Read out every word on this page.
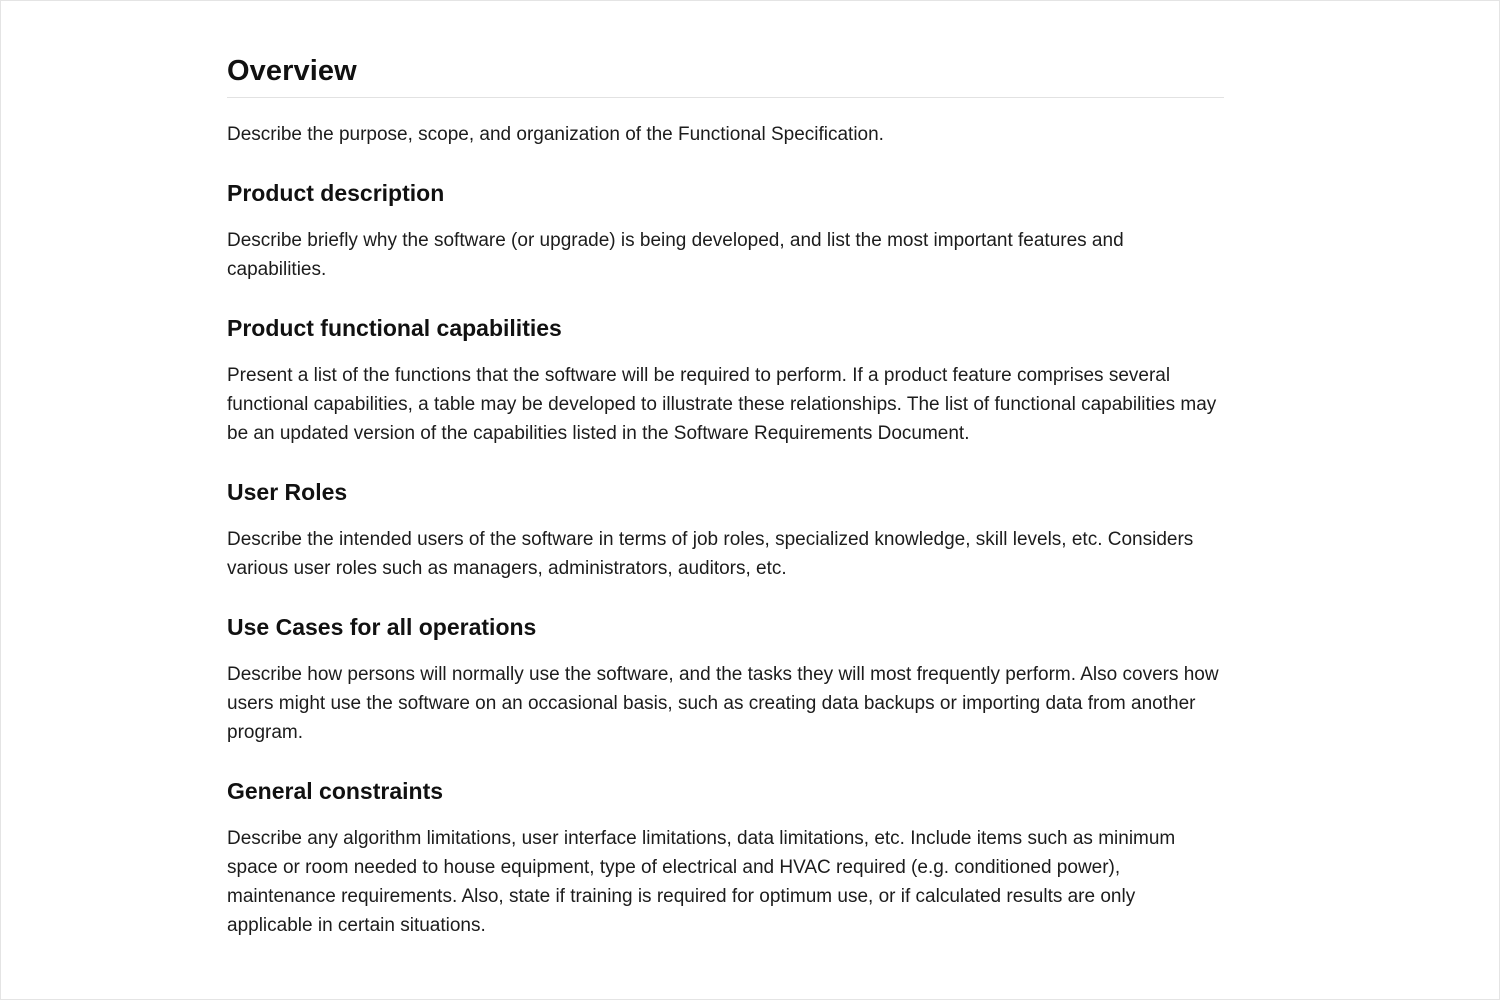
Overview

Describe the purpose, scope, and organization of the Functional Specification.

Product description

Describe briefly why the software (or upgrade) is being developed, and list the most important features and capabilities.

Product functional capabilities

Present a list of the functions that the software will be required to perform. If a product feature comprises several functional capabilities, a table may be developed to illustrate these relationships. The list of functional capabilities may be an updated version of the capabilities listed in the Software Requirements Document.

User Roles

Describe the intended users of the software in terms of job roles, specialized knowledge, skill levels, etc. Considers various user roles such as managers, administrators, auditors, etc.

Use Cases for all operations

Describe how persons will normally use the software, and the tasks they will most frequently perform. Also covers how users might use the software on an occasional basis, such as creating data backups or importing data from another program.

General constraints

Describe any algorithm limitations, user interface limitations, data limitations, etc. Include items such as minimum space or room needed to house equipment, type of electrical and HVAC required (e.g. conditioned power), maintenance requirements. Also, state if training is required for optimum use, or if calculated results are only applicable in certain situations.
